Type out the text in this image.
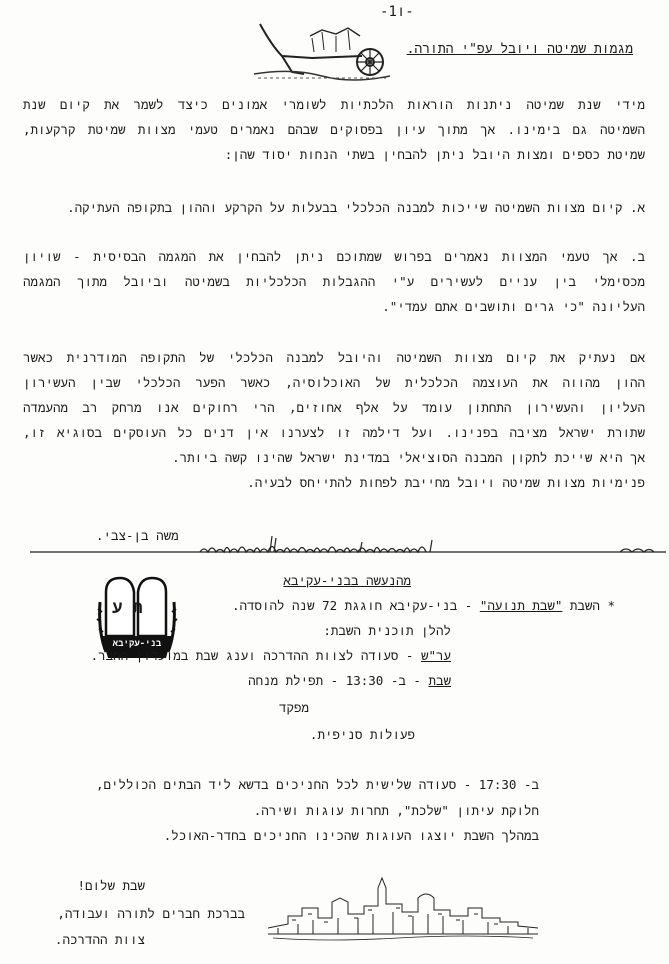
-ו1-
מגמות שמיטה ויובל עפ"י התורה.
מידי שנת שמיטה ניתנות הוראות הלכתיות לשומרי אמונים כיצד לשמר את קיום שנת
השמיטה גם בימינו. אך מתוך עיון בפסוקים שבהם נאמרים טעמי מצוות שמיטת קרקעות,
שמיטת כספים ומצות היובל ניתן להבחין בשתי הנחות יסוד שהן:
א. קיום מצוות השמיטה שייכות למבנה הכלכלי בבעלות על הקרקע וההון בתקופה העתיקה.
ב. אך טעמי המצוות נאמרים בפרוש שמתוכם ניתן להבחין את המגמה הבסיסית - שויון
מכסימלי בין עניים לעשירים ע"י ההגבלות הכלכליות בשמיטה וביובל מתוך המגמה
העליונה "כי גרים ותושבים אתם עמדי".
אם נעתיק את קיום מצוות השמיטה והיובל למבנה הכלכלי של התקופה המודרנית כאשר
ההון מהווה את העוצמה הכלכלית של האוכלוסיה, כאשר הפער הכלכלי שבין העשירון
העליון והעשירון התחתון עומד על אלף אחוזים, הרי רחוקים אנו מרחק רב מהעמדה
שתורת ישראל מציבה בפנינו. ועל דילמה זו לצערנו אין דנים כל העוסקים בסוגיא זו,
אך היא שייכת לתקון המבנה הסוציאלי במדינת ישראל שהינו קשה ביותר.
פנימיות מצוות שמיטה ויובל מחייבת לפחות להתייחס לבעיה.
משה בן-צבי.
ת ע
בני-עקיבא
מהנעשה בבני-עקיבא
* השבת "שבת תנועה" - בני-עקיבא חוגגת 72 שנה להוסדה.
להלן תוכנית השבת:
ער"ש - סעודה לצוות ההדרכה וענג שבת במועדון החבר.
שבת - ב- 13:30 - תפילת מנחה
מפקד
פעולות סניפית.
ב- 17:30 - סעודה שלישית לכל החניכים בדשא ליד הבתים הכוללים,
חלוקת עיתון "שלכת", תחרות עוגות ושירה.
במהלך השבת יוצגו העוגות שהכינו החניכים בחדר-האוכל.
שבת שלום!
בברכת חברים לתורה ועבודה,
צוות ההדרכה.
